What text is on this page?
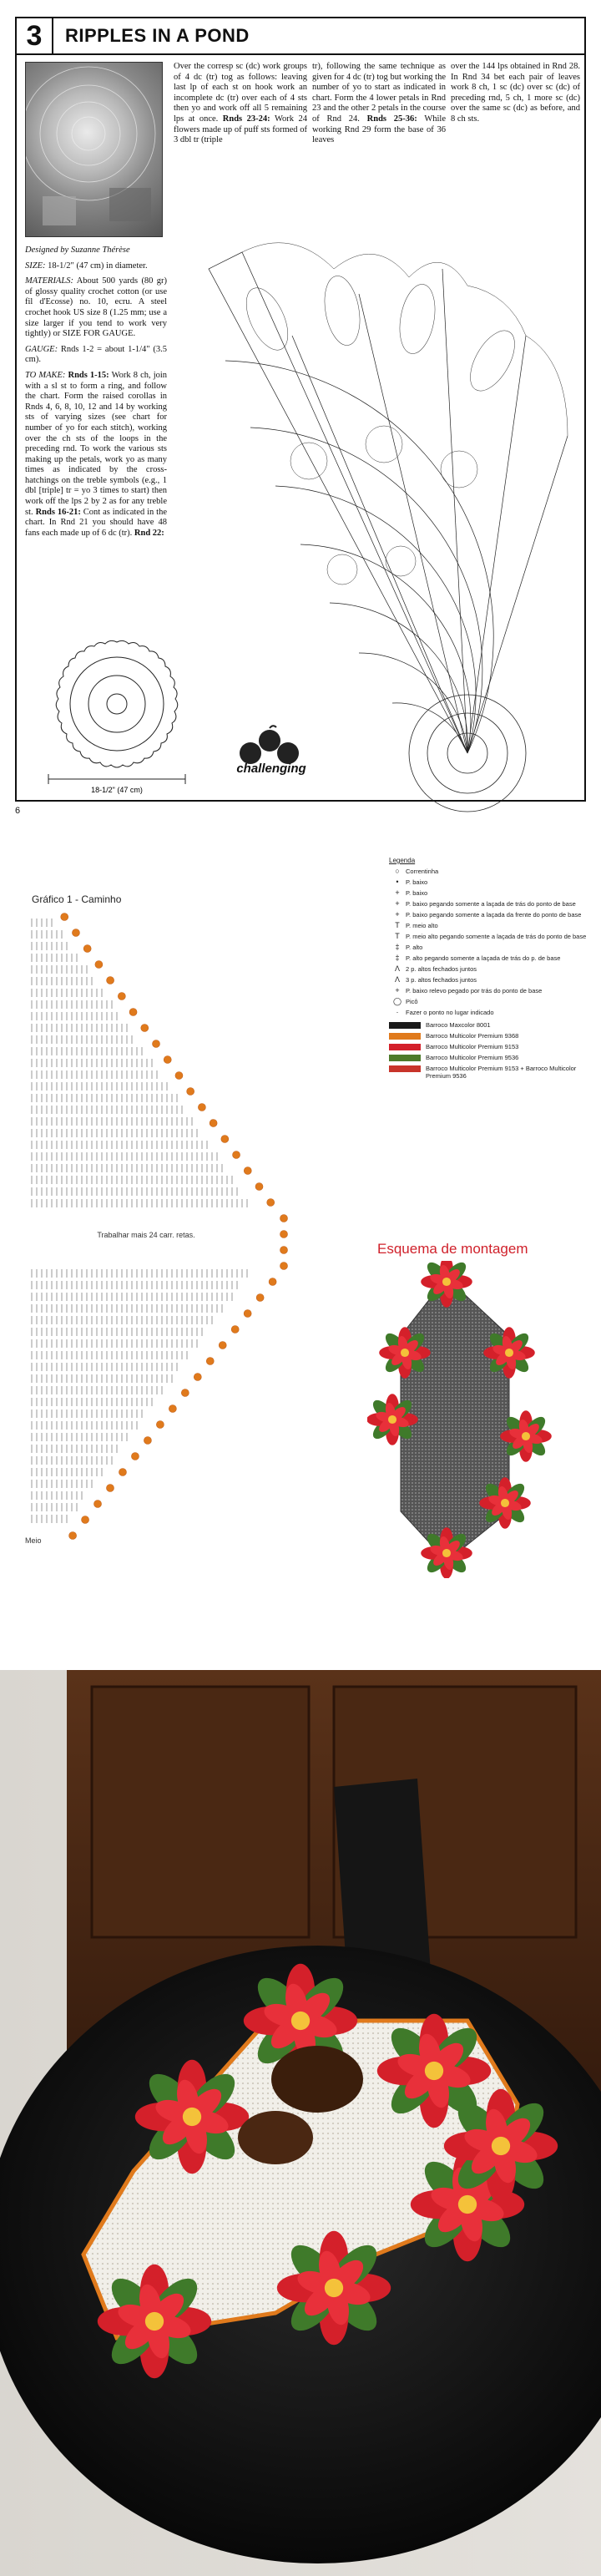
3	RIPPLES IN A POND

Designed by Suzanne Thérèse

SIZE: 18-1/2" (47 cm) in diameter.

MATERIALS: About 500 yards (80 gr) of glossy quality crochet cotton (or use fil d'Ecosse) no. 10, ecru. A steel crochet hook US size 8 (1.25 mm; use a size larger if you tend to work very tightly) or SIZE FOR GAUGE.

GAUGE: Rnds 1-2 = about 1-1/4" (3.5 cm).

TO MAKE: Rnds 1-15: Work 8 ch, join with a sl st to form a ring, and follow the chart. Form the raised corollas in Rnds 4, 6, 8, 10, 12 and 14 by working sts of varying sizes (see chart for number of yo for each stitch), working over the ch sts of the loops in the preceding rnd. To work the various sts making up the petals, work yo as many times as indicated by the cross-hatchings on the treble symbols (e.g., 1 dbl [triple] tr = yo 3 times to start) then work off the lps 2 by 2 as for any treble st. Rnds 16-21: Cont as indicated in the chart. In Rnd 21 you should have 48 fans each made up of 6 dc (tr). Rnd 22:

Over the corresp sc (dc) work groups of 4 dc (tr) tog as follows: leaving last lp of each st on hook work an incomplete dc (tr) over each of 4 sts then yo and work off all 5 remaining lps at once. Rnds 23-24: Work 24 flowers made up of puff sts formed of 3 dbl tr (triple
tr), following the same technique as given for 4 dc (tr) tog but working the number of yo to start as indicated in chart. Form the 4 lower petals in Rnd 23 and the other 2 petals in the course of Rnd 24. Rnds 25-36: While working Rnd 29 form the base of 36 leaves
over the 144 lps obtained in Rnd 28. In Rnd 34 bet each pair of leaves work 8 ch, 1 sc (dc) over sc (dc) of preceding rnd, 5 ch, 1 more sc (dc) over the same sc (dc) as before, and 8 ch sts.
18-1/2" (47 cm)
challenging
6
Gráfico 1 - Caminho
Trabalhar mais 24 carr. retas.
Meio
Legenda
○ Correntinha
•	P. baixo
+ P. baixo
+ P. baixo pegando somente a laçada de trás do ponto de base
+ P. baixo pegando somente a laçada da frente do ponto de base
T P. meio alto
T P. meio alto pegando somente a laçada de trás do ponto de base
‡	P. alto
‡	P. alto pegando somente a laçada de trás do p. de base
Λ 2 p. altos fechados juntos
Λ 3 p. altos fechados juntos
+ P. baixo relevo pegado por trás do ponto de base
◯ Picô
·	Fazer o ponto no lugar indicado
Barroco Maxcolor 8001
Barroco Multicolor Premium 9368
Barroco Multicolor Premium 9153
Barroco Multicolor Premium 9536
Barroco Multicolor Premium 9153 + Barroco Multicolor Premium 9536
Esquema de montagem
